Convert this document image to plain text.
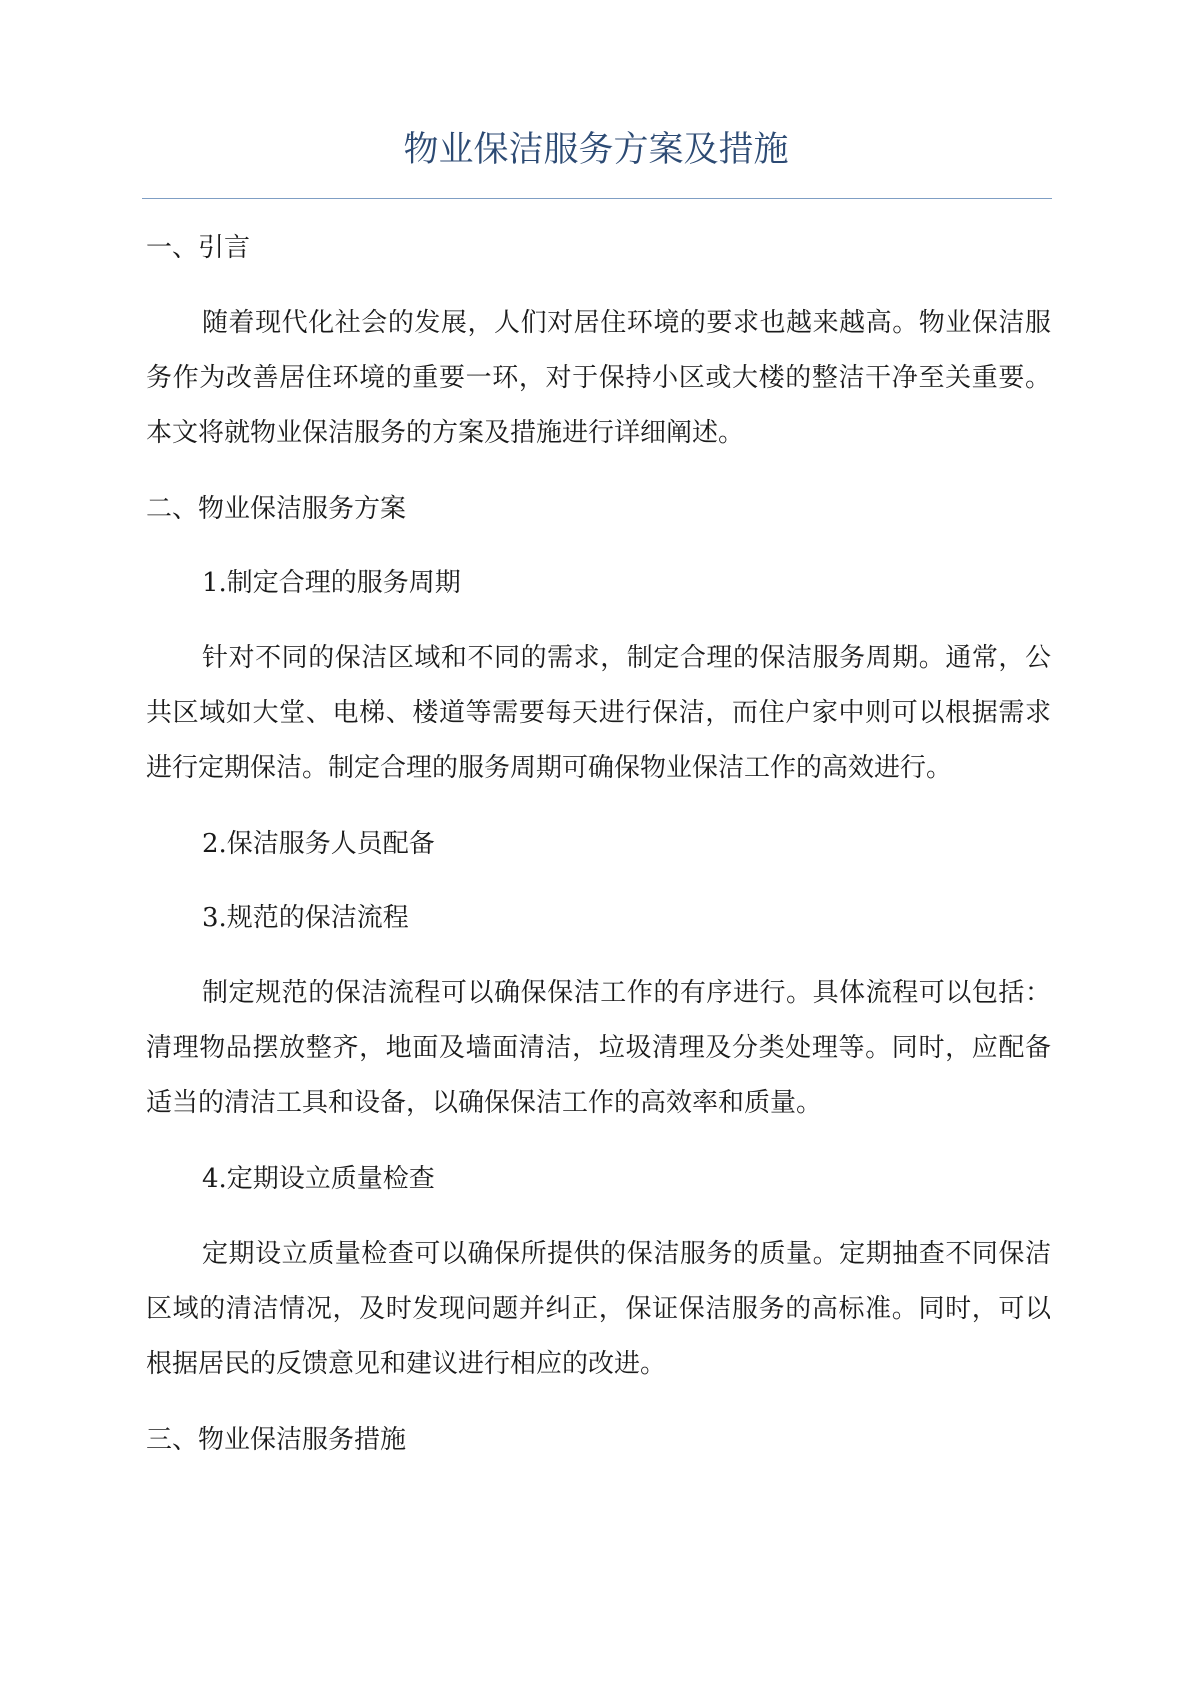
物业保洁服务方案及措施

一、引言

随着现代化社会的发展，人们对居住环境的要求也越来越高。物业保洁服务作为改善居住环境的重要一环，对于保持小区或大楼的整洁干净至关重要。本文将就物业保洁服务的方案及措施进行详细阐述。

二、物业保洁服务方案

1.制定合理的服务周期

针对不同的保洁区域和不同的需求，制定合理的保洁服务周期。通常，公共区域如大堂、电梯、楼道等需要每天进行保洁，而住户家中则可以根据需求进行定期保洁。制定合理的服务周期可确保物业保洁工作的高效进行。

2.保洁服务人员配备

3.规范的保洁流程

制定规范的保洁流程可以确保保洁工作的有序进行。具体流程可以包括：清理物品摆放整齐，地面及墙面清洁，垃圾清理及分类处理等。同时，应配备适当的清洁工具和设备，以确保保洁工作的高效率和质量。

4.定期设立质量检查

定期设立质量检查可以确保所提供的保洁服务的质量。定期抽查不同保洁区域的清洁情况，及时发现问题并纠正，保证保洁服务的高标准。同时，可以根据居民的反馈意见和建议进行相应的改进。

三、物业保洁服务措施
